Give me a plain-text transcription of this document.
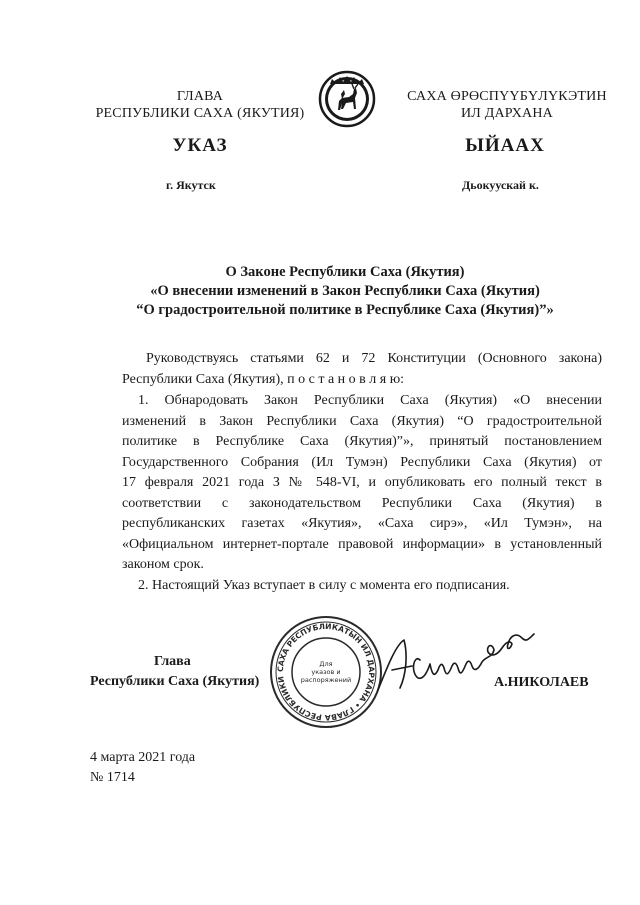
ГЛАВА
РЕСПУБЛИКИ САХА (ЯКУТИЯ)
САХА ӨРӨСПҮҮБҮЛҮКЭТИН
ИЛ ДАРХАНА
УКАЗ	ЫЙААХ
г. Якутск	Дьокуускай к.
О Законе Республики Саха (Якутия)
«О внесении изменений в Закон Республики Саха (Якутия)
“О градостроительной политике в Республике Саха (Якутия)”»
Руководствуясь статьями 62 и 72 Конституции (Основного закона)
Республики Саха (Якутия), п о с т а н о в л я ю:
1. Обнародовать Закон Республики Саха (Якутия) «О внесении
изменений в Закон Республики Саха (Якутия) “О градостроительной
политике в Республике Саха (Якутия)”», принятый постановлением
Государственного Собрания (Ил Тумэн) Республики Саха (Якутия) от
17 февраля 2021 года З № 548-VI, и опубликовать его полный текст в
соответствии с законодательством Республики Саха (Якутия) в
республиканских газетах «Якутия», «Саха сирэ», «Ил Тумэн», на
«Официальном интернет-портале правовой информации» в установленный
законом срок.
2. Настоящий Указ вступает в силу с момента его подписания.
Глава
Республики Саха (Якутия)
САХА РЕСПУБЛИКАТЫН ИЛ ДАРХАНА • ГЛАВА РЕСПУБЛИКИ
Для
указов и
распоряжений	А.НИКОЛАЕВ
4 марта 2021 года
№ 1714
